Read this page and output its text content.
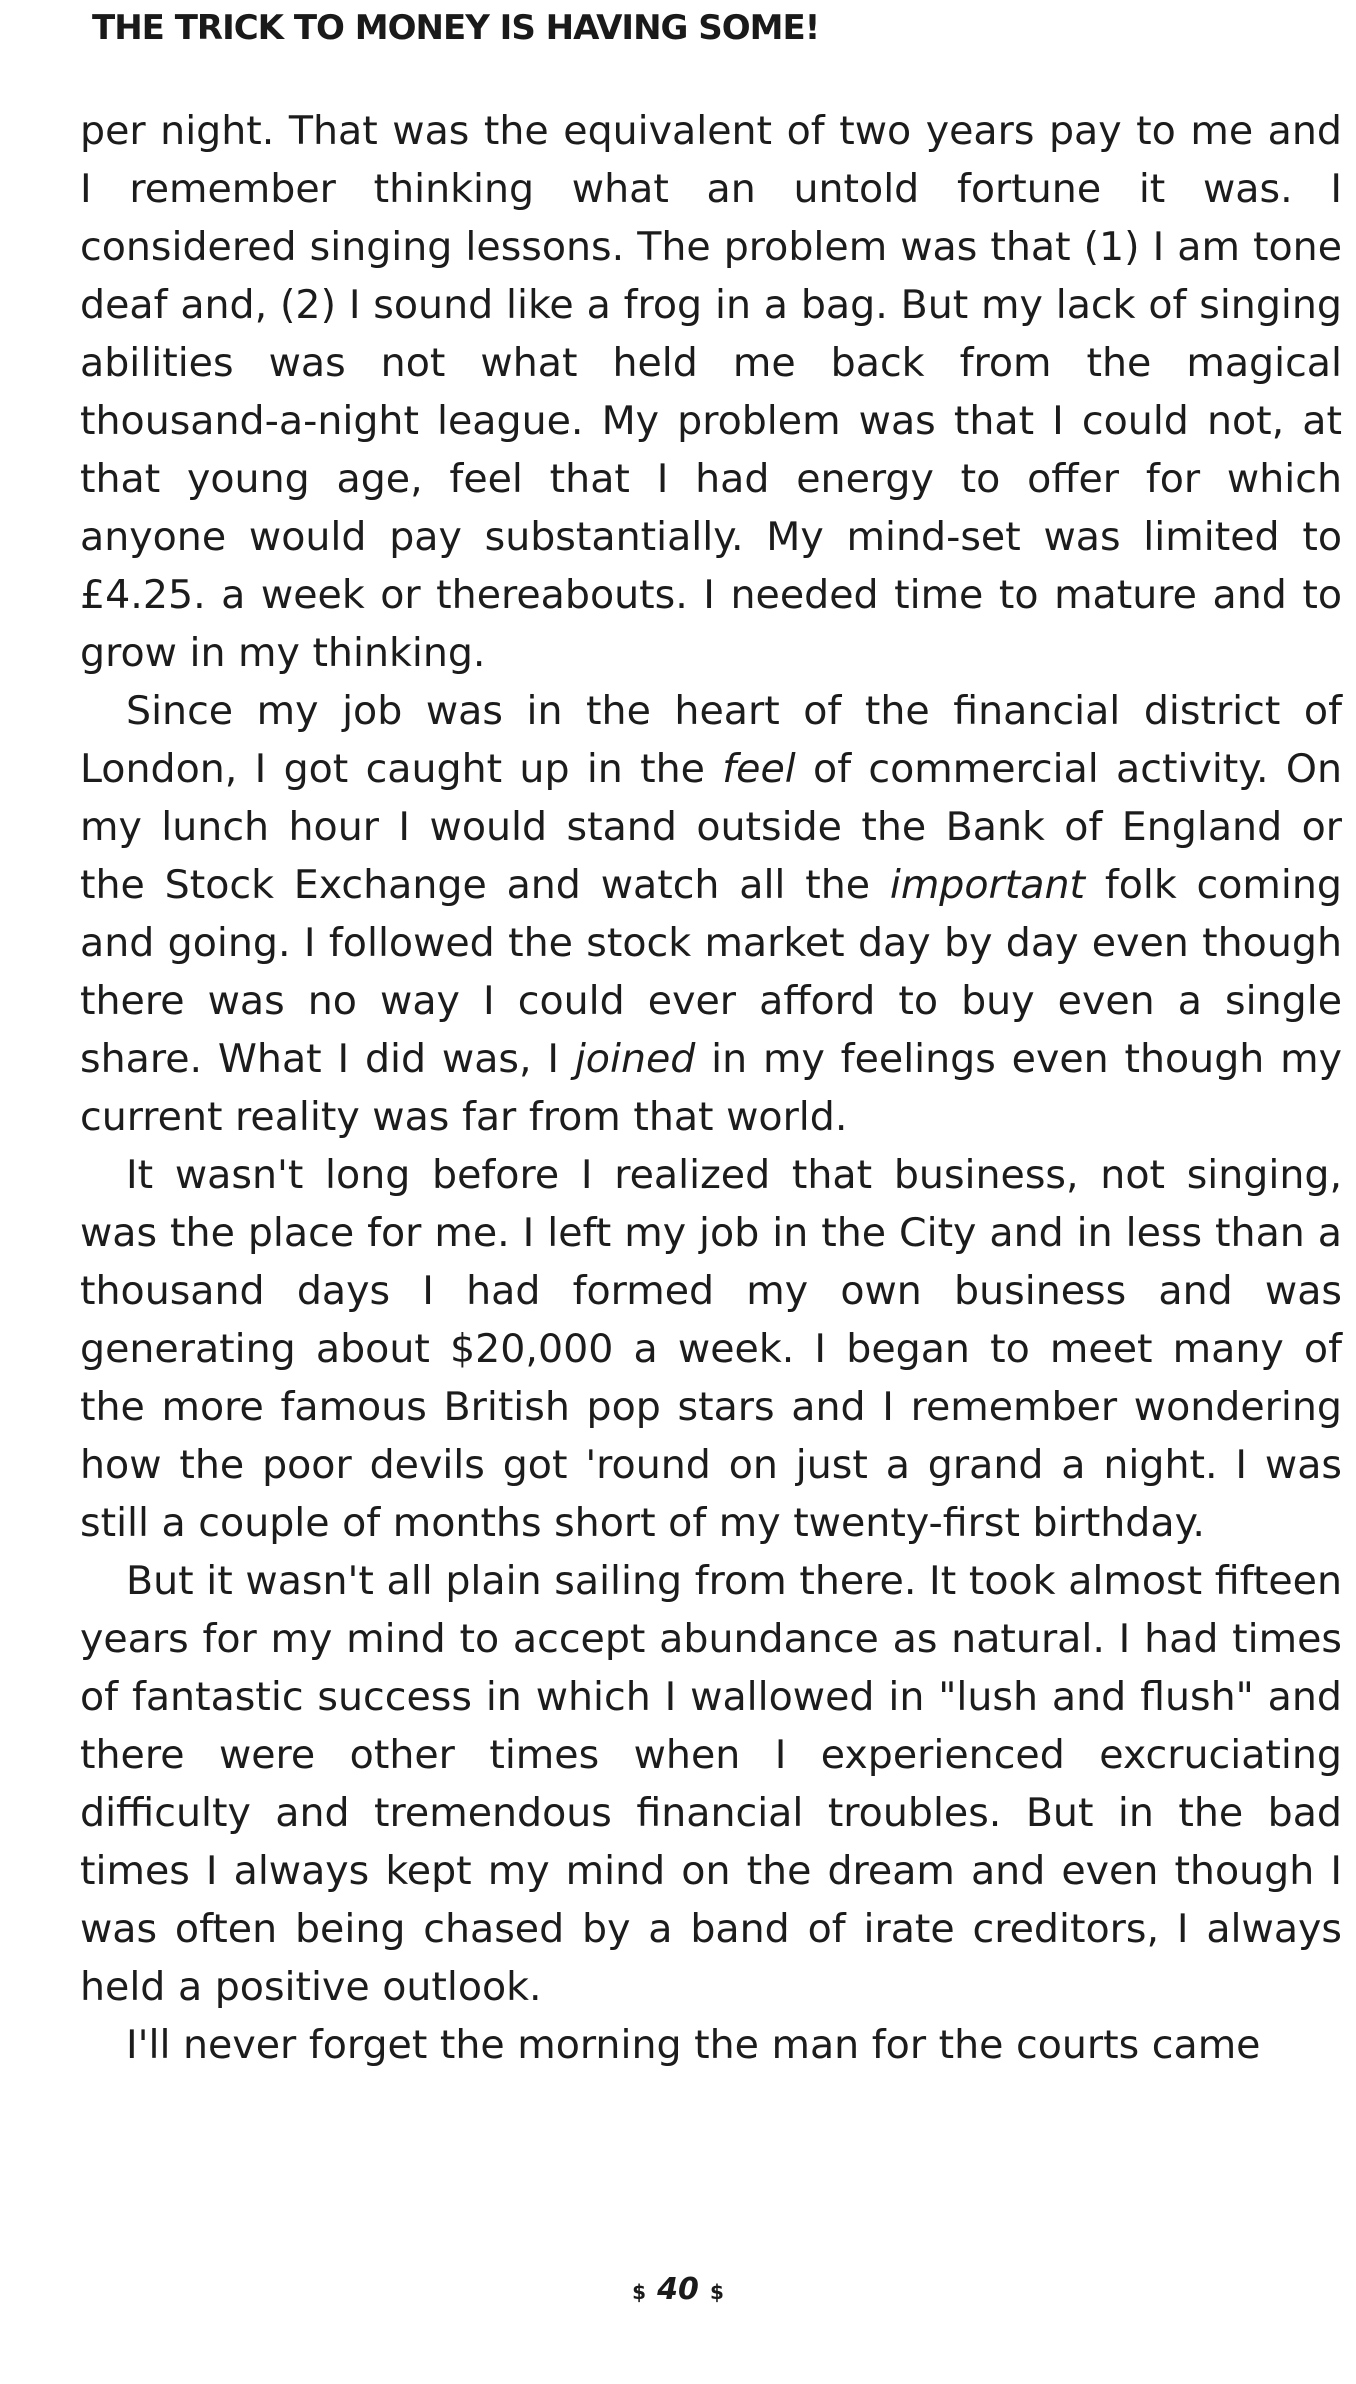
THE TRICK TO MONEY IS HAVING SOME!

per night. That was the equivalent of two years pay to me and I remember thinking what an untold fortune it was. I considered singing lessons. The problem was that (1) I am tone deaf and, (2) I sound like a frog in a bag. But my lack of singing abilities was not what held me back from the magical thousand-a-night league. My problem was that I could not, at that young age, feel that I had energy to offer for which anyone would pay substantially. My mind-set was limited to £4.25. a week or thereabouts. I needed time to mature and to grow in my thinking.

Since my job was in the heart of the financial district of London, I got caught up in the feel of commercial activity. On my lunch hour I would stand outside the Bank of England or the Stock Exchange and watch all the important folk coming and going. I followed the stock market day by day even though there was no way I could ever afford to buy even a single share. What I did was, I joined in my feelings even though my current reality was far from that world.

It wasn't long before I realized that business, not singing, was the place for me. I left my job in the City and in less than a thousand days I had formed my own business and was generating about $20,000 a week. I began to meet many of the more famous British pop stars and I remember wondering how the poor devils got 'round on just a grand a night. I was still a couple of months short of my twenty-first birthday.

But it wasn't all plain sailing from there. It took almost fifteen years for my mind to accept abundance as natural. I had times of fantastic success in which I wallowed in "lush and flush" and there were other times when I experienced excruciating difficulty and tremendous financial troubles. But in the bad times I always kept my mind on the dream and even though I was often being chased by a band of irate creditors, I always held a positive outlook.

I'll never forget the morning the man for the courts came

$ 40 $
